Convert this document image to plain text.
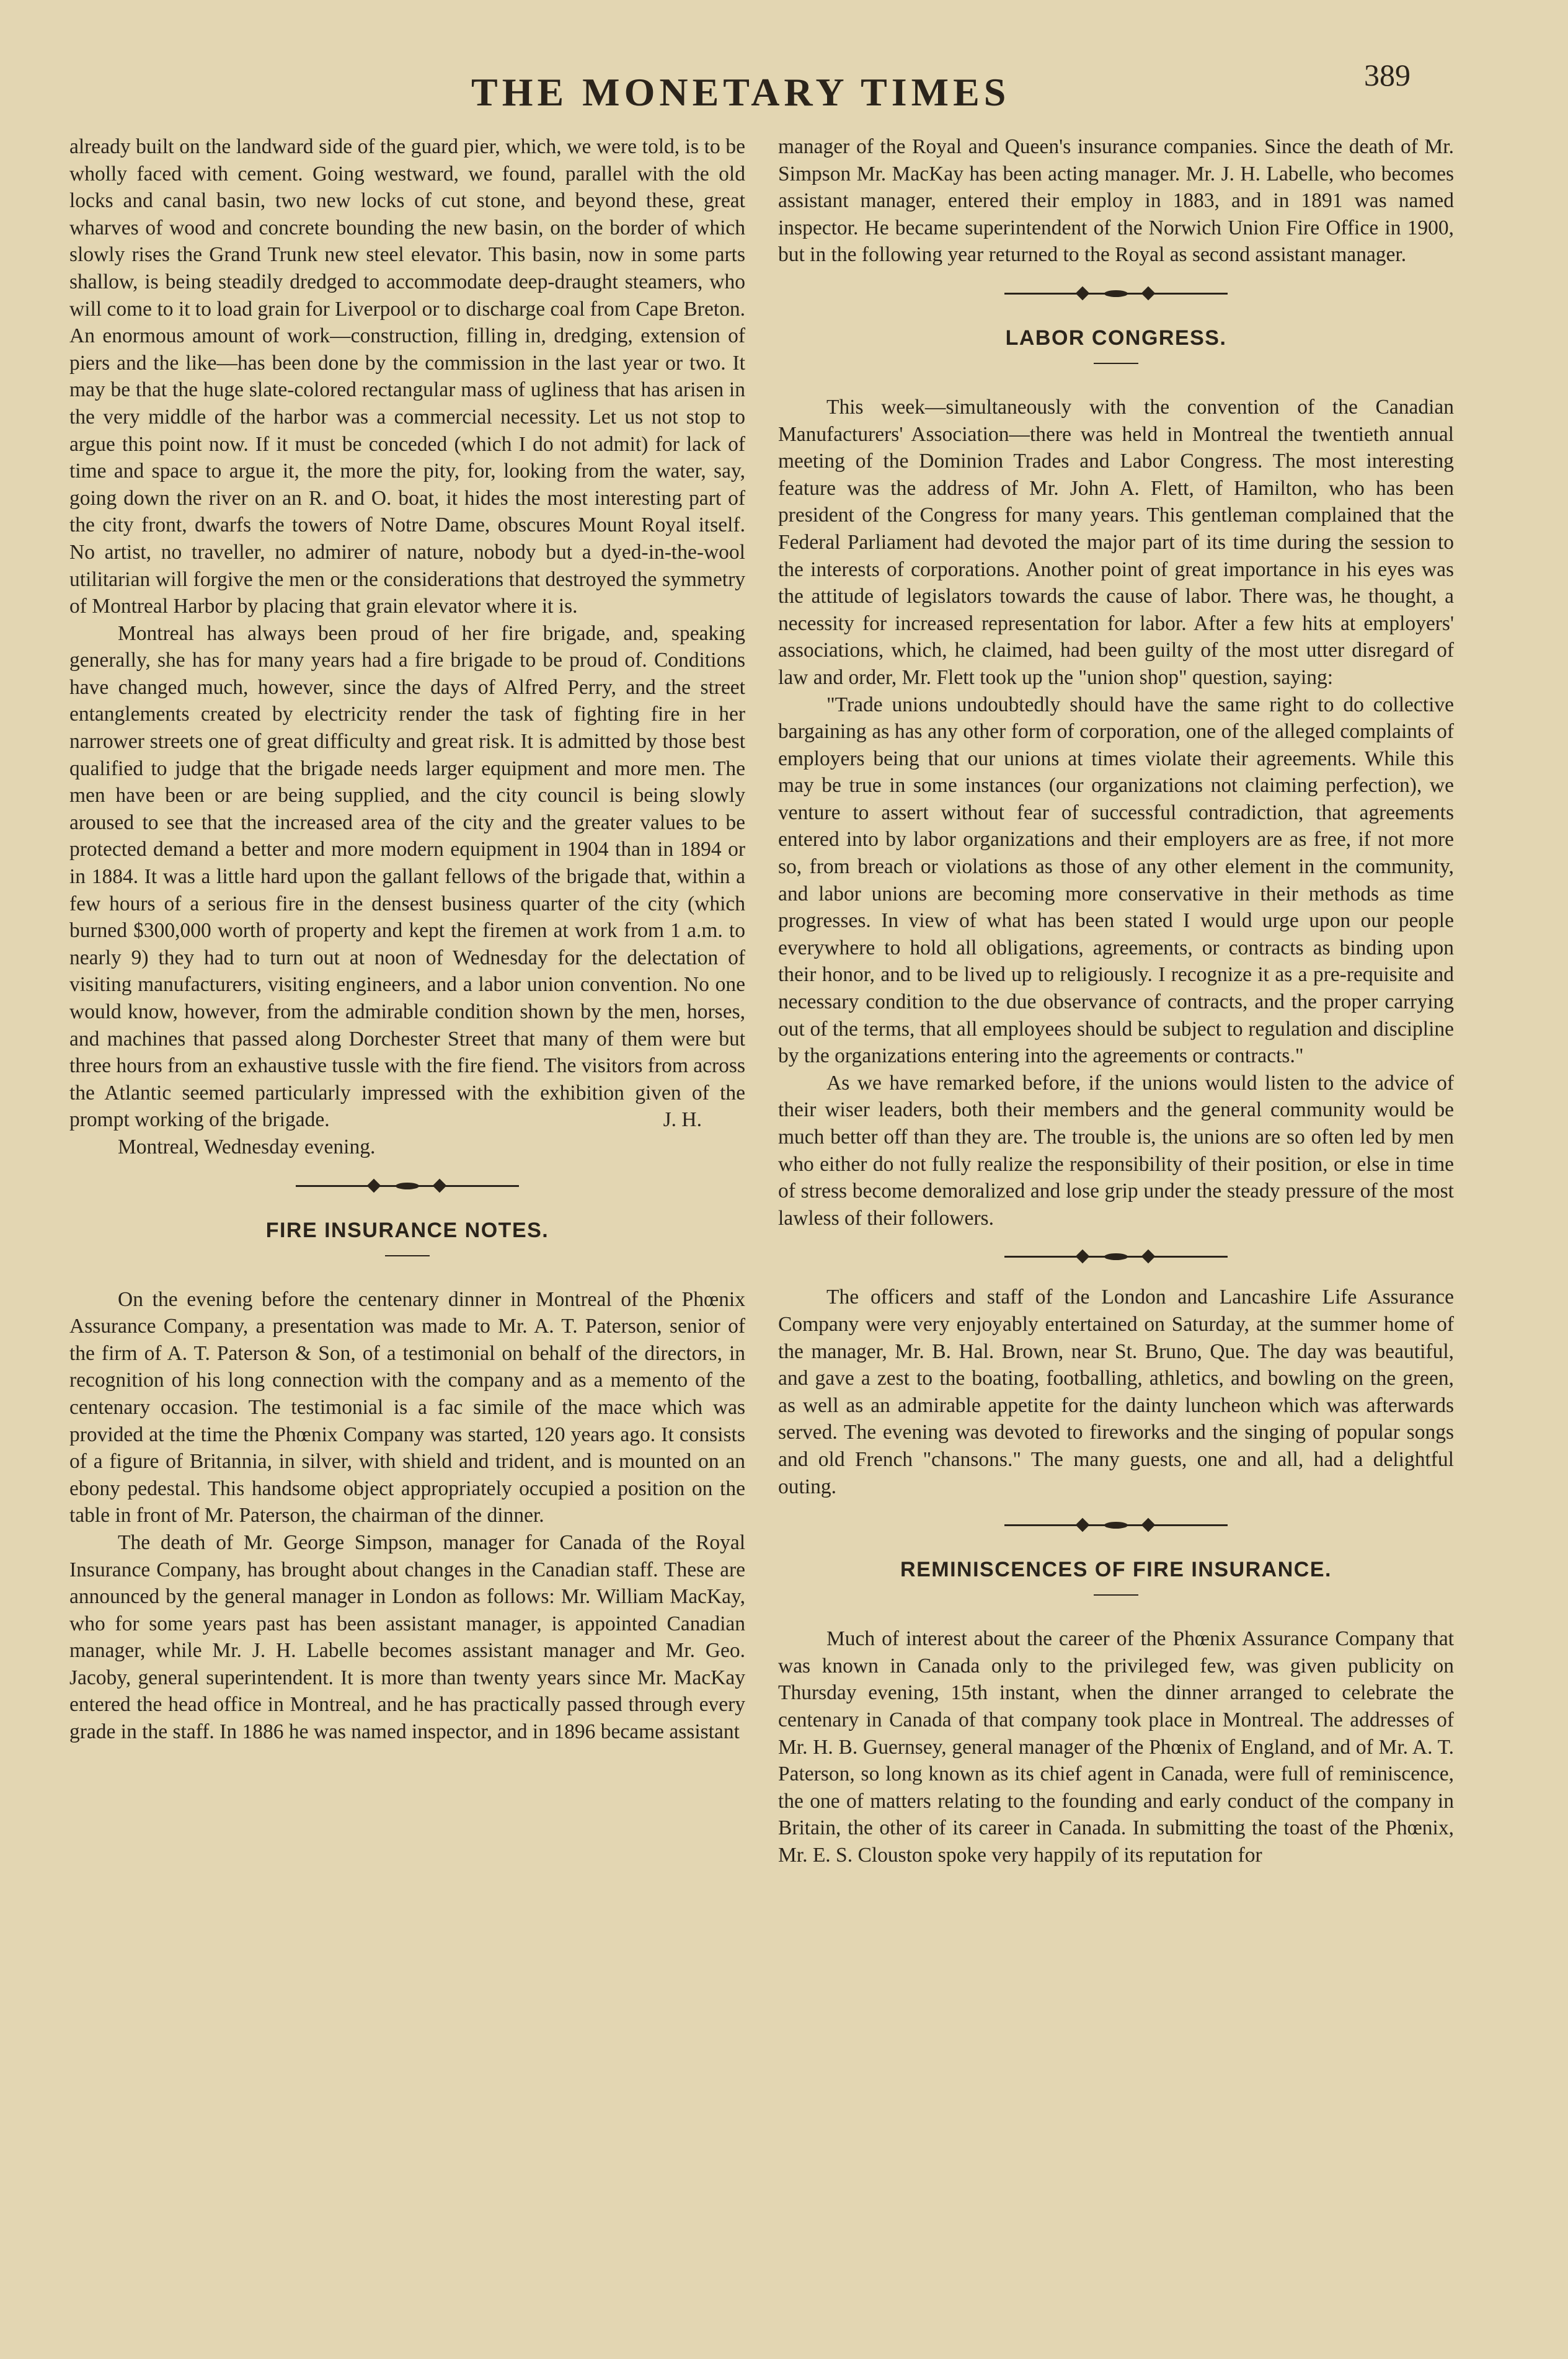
THE MONETARY TIMES	389

already built on the landward side of the guard pier, which, we were told, is to be wholly faced with cement. Going westward, we found, parallel with the old locks and canal basin, two new locks of cut stone, and beyond these, great wharves of wood and concrete bounding the new basin, on the border of which slowly rises the Grand Trunk new steel elevator. This basin, now in some parts shallow, is being steadily dredged to accommodate deep-draught steamers, who will come to it to load grain for Liverpool or to discharge coal from Cape Breton. An enormous amount of work—construction, filling in, dredging, extension of piers and the like—has been done by the commission in the last year or two. It may be that the huge slate-colored rectangular mass of ugliness that has arisen in the very middle of the harbor was a commercial necessity. Let us not stop to argue this point now. If it must be conceded (which I do not admit) for lack of time and space to argue it, the more the pity, for, looking from the water, say, going down the river on an R. and O. boat, it hides the most interesting part of the city front, dwarfs the towers of Notre Dame, obscures Mount Royal itself. No artist, no traveller, no admirer of nature, nobody but a dyed-in-the-wool utilitarian will forgive the men or the considerations that destroyed the symmetry of Montreal Harbor by placing that grain elevator where it is.

Montreal has always been proud of her fire brigade, and, speaking generally, she has for many years had a fire brigade to be proud of. Conditions have changed much, however, since the days of Alfred Perry, and the street entanglements created by electricity render the task of fighting fire in her narrower streets one of great difficulty and great risk. It is admitted by those best qualified to judge that the brigade needs larger equipment and more men. The men have been or are being supplied, and the city council is being slowly aroused to see that the increased area of the city and the greater values to be protected demand a better and more modern equipment in 1904 than in 1894 or in 1884. It was a little hard upon the gallant fellows of the brigade that, within a few hours of a serious fire in the densest business quarter of the city (which burned $300,000 worth of property and kept the firemen at work from 1 a.m. to nearly 9) they had to turn out at noon of Wednesday for the delectation of visiting manufacturers, visiting engineers, and a labor union convention. No one would know, however, from the admirable condition shown by the men, horses, and machines that passed along Dorchester Street that many of them were but three hours from an exhaustive tussle with the fire fiend. The visitors from across the Atlantic seemed particularly impressed with the exhibition given of the prompt working of the brigade.	J. H.
Montreal, Wednesday evening.
FIRE INSURANCE NOTES.

On the evening before the centenary dinner in Montreal of the Phœnix Assurance Company, a presentation was made to Mr. A. T. Paterson, senior of the firm of A. T. Paterson & Son, of a testimonial on behalf of the directors, in recognition of his long connection with the company and as a memento of the centenary occasion. The testimonial is a fac simile of the mace which was provided at the time the Phœnix Company was started, 120 years ago. It consists of a figure of Britannia, in silver, with shield and trident, and is mounted on an ebony pedestal. This handsome object appropriately occupied a position on the table in front of Mr. Paterson, the chairman of the dinner.

The death of Mr. George Simpson, manager for Canada of the Royal Insurance Company, has brought about changes in the Canadian staff. These are announced by the general manager in London as follows: Mr. William MacKay, who for some years past has been assistant manager, is appointed Canadian manager, while Mr. J. H. Labelle becomes assistant manager and Mr. Geo. Jacoby, general superintendent. It is more than twenty years since Mr. MacKay entered the head office in Montreal, and he has practically passed through every grade in the staff. In 1886 he was named inspector, and in 1896 became assistant

manager of the Royal and Queen's insurance companies. Since the death of Mr. Simpson Mr. MacKay has been acting manager. Mr. J. H. Labelle, who becomes assistant manager, entered their employ in 1883, and in 1891 was named inspector. He became superintendent of the Norwich Union Fire Office in 1900, but in the following year returned to the Royal as second assistant manager.

LABOR CONGRESS.

This week—simultaneously with the convention of the Canadian Manufacturers' Association—there was held in Montreal the twentieth annual meeting of the Dominion Trades and Labor Congress. The most interesting feature was the address of Mr. John A. Flett, of Hamilton, who has been president of the Congress for many years. This gentleman complained that the Federal Parliament had devoted the major part of its time during the session to the interests of corporations. Another point of great importance in his eyes was the attitude of legislators towards the cause of labor. There was, he thought, a necessity for increased representation for labor. After a few hits at employers' associations, which, he claimed, had been guilty of the most utter disregard of law and order, Mr. Flett took up the "union shop" question, saying:

"Trade unions undoubtedly should have the same right to do collective bargaining as has any other form of corporation, one of the alleged complaints of employers being that our unions at times violate their agreements. While this may be true in some instances (our organizations not claiming perfection), we venture to assert without fear of successful contradiction, that agreements entered into by labor organizations and their employers are as free, if not more so, from breach or violations as those of any other element in the community, and labor unions are becoming more conservative in their methods as time progresses. In view of what has been stated I would urge upon our people everywhere to hold all obligations, agreements, or contracts as binding upon their honor, and to be lived up to religiously. I recognize it as a pre-requisite and necessary condition to the due observance of contracts, and the proper carrying out of the terms, that all employees should be subject to regulation and discipline by the organizations entering into the agreements or contracts."

As we have remarked before, if the unions would listen to the advice of their wiser leaders, both their members and the general community would be much better off than they are. The trouble is, the unions are so often led by men who either do not fully realize the responsibility of their position, or else in time of stress become demoralized and lose grip under the steady pressure of the most lawless of their followers.

The officers and staff of the London and Lancashire Life Assurance Company were very enjoyably entertained on Saturday, at the summer home of the manager, Mr. B. Hal. Brown, near St. Bruno, Que. The day was beautiful, and gave a zest to the boating, footballing, athletics, and bowling on the green, as well as an admirable appetite for the dainty luncheon which was afterwards served. The evening was devoted to fireworks and the singing of popular songs and old French "chansons." The many guests, one and all, had a delightful outing.

REMINISCENCES OF FIRE INSURANCE.

Much of interest about the career of the Phœnix Assurance Company that was known in Canada only to the privileged few, was given publicity on Thursday evening, 15th instant, when the dinner arranged to celebrate the centenary in Canada of that company took place in Montreal. The addresses of Mr. H. B. Guernsey, general manager of the Phœnix of England, and of Mr. A. T. Paterson, so long known as its chief agent in Canada, were full of reminiscence, the one of matters relating to the founding and early conduct of the company in Britain, the other of its career in Canada. In submitting the toast of the Phœnix, Mr. E. S. Clouston spoke very happily of its reputation for
